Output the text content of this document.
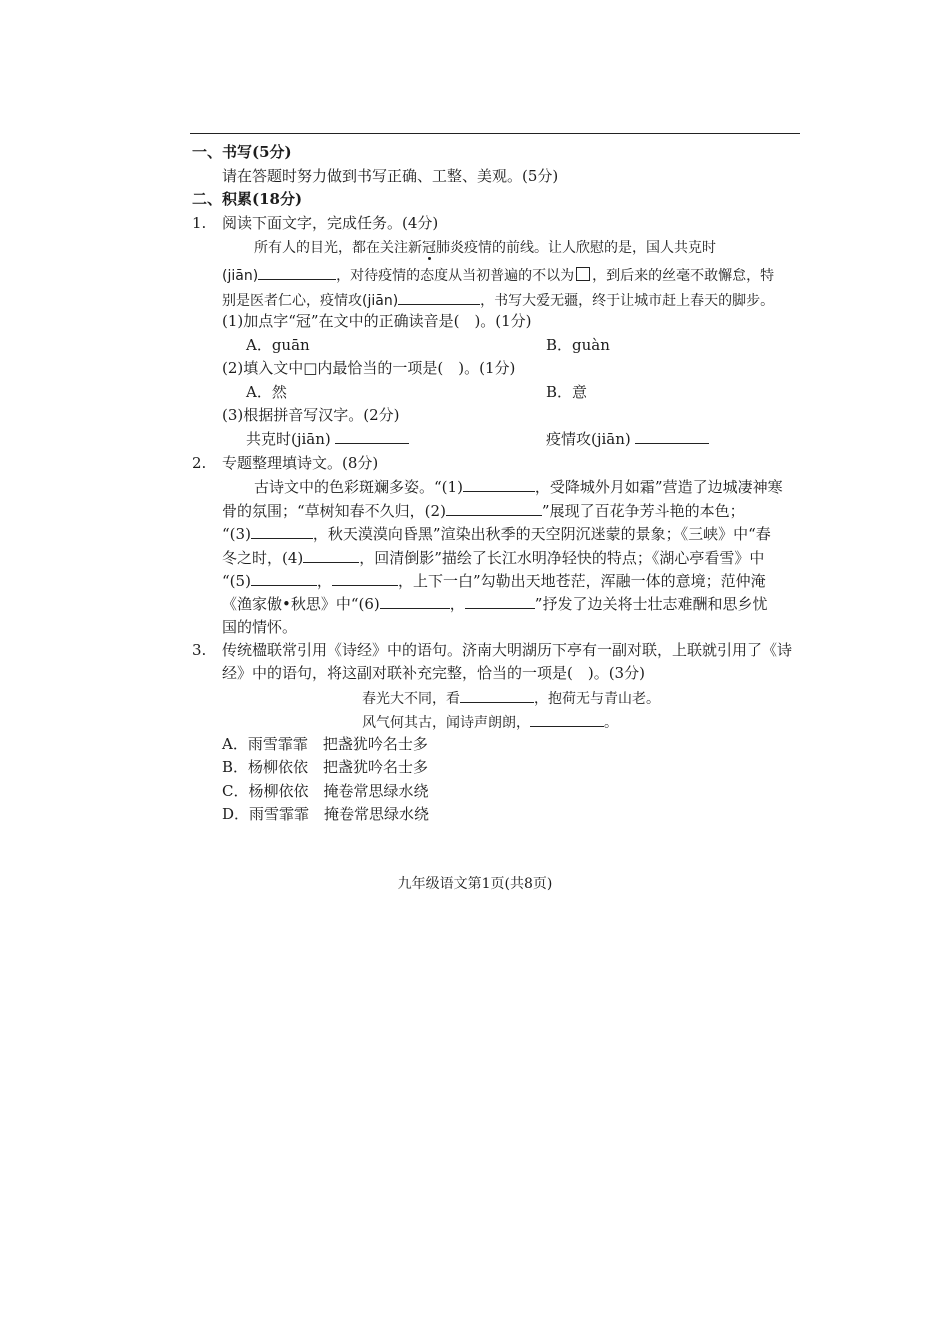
一、书写(5分)
请在答题时努力做到书写正确、工整、美观。(5分)
二、积累(18分)
1. 阅读下面文字，完成任务。(4分)
所有人的目光，都在关注新冠肺炎疫情的前线。让人欣慰的是，国人共克时
(jiān)	，对待疫情的态度从当初普遍的不以为 ，到后来的丝毫不敢懈怠，特
别是医者仁心，疫情攻(jiān)	，书写大爱无疆，终于让城市赶上春天的脚步。
(1)加点字“冠”在文中的正确读音是(　)。(1分)
A．guān	B．guàn
(2)填入文中□内最恰当的一项是(　)。(1分)
A．然	B．意
(3)根据拼音写汉字。(2分)
共克时(jiān)	疫情攻(jiān)
2. 专题整理填诗文。(8分)
古诗文中的色彩斑斓多姿。“(1)	，受降城外月如霜”营造了边城凄神寒
骨的氛围；“草树知春不久归，(2)	”展现了百花争芳斗艳的本色；
“(3)	，秋天漠漠向昏黑”渲染出秋季的天空阴沉迷蒙的景象；《三峡》中“春
冬之时，(4)	，回清倒影”描绘了长江水明净轻快的特点；《湖心亭看雪》中
“(5)	，	，上下一白”勾勒出天地苍茫，浑融一体的意境；范仲淹
《渔家傲•秋思》中“(6)	，	”抒发了边关将士壮志难酬和思乡忧
国的情怀。
3. 传统楹联常引用《诗经》中的语句。济南大明湖历下亭有一副对联，上联就引用了《诗
经》中的语句，将这副对联补充完整，恰当的一项是(　)。(3分)
春光大不同，看	，抱荷无与青山老。
风气何其古，闻诗声朗朗，	。
A．雨雪霏霏　把盏犹吟名士多
B．杨柳依依　把盏犹吟名士多
C．杨柳依依　掩卷常思绿水绕
D．雨雪霏霏　掩卷常思绿水绕
九年级语文第1页(共8页)
